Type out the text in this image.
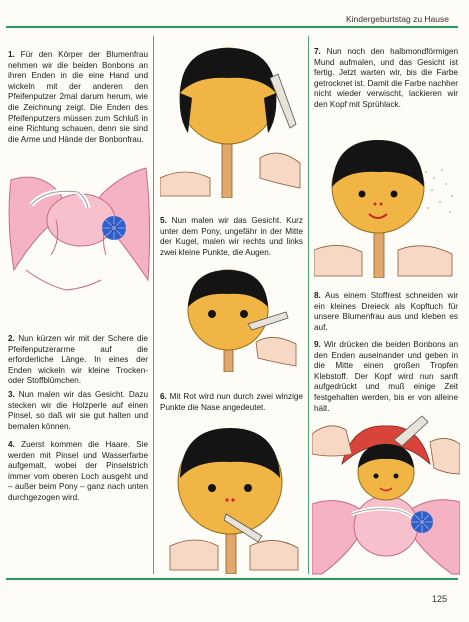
Kindergeburtstag zu Hause
1. Für den Körper der Blumenfrau nehmen wir die beiden Bonbons an ihren Enden in die eine Hand und wickeln mit der anderen den Pfeifenputzer 2mal darum herum, wie die Zeichnung zeigt. Die Enden des Pfeifenputzers müssen zum Schluß in eine Richtung schauen, denn sie sind die Arme und Hände der Bonbonfrau.
2. Nun kürzen wir mit der Schere die Pfeifenputzerarme auf die erforderliche Länge. In eines der Enden wickeln wir kleine Trocken- oder Stoffblümchen.
3. Nun malen wir das Gesicht. Dazu stecken wir die Holzperle auf einen Pinsel, so daß wir sie gut halten und bemalen können.
4. Zuerst kommen die Haare. Sie werden mit Pinsel und Wasserfarbe aufgemalt, wobei der Pinselstrich immer vom oberen Loch ausgeht und – außer beim Pony – ganz nach unten durchgezogen wird.
5. Nun malen wir das Gesicht. Kurz unter dem Pony, ungefähr in der Mitte der Kugel, malen wir rechts und links zwei kleine Punkte, die Augen.
6. Mit Rot wird nun durch zwei winzige Punkte die Nase angedeutet.
7. Nun noch den halbmondförmigen Mund aufmalen, und das Gesicht ist fertig. Jetzt warten wir, bis die Farbe getrocknet ist. Damit die Farbe nachher nicht wieder verwischt, lackieren wir den Kopf mit Sprühlack.
8. Aus einem Stoffrest schneiden wir ein kleines Dreieck als Kopftuch für unsere Blumenfrau aus und kleben es auf.
9. Wir drücken die beiden Bonbons an den Enden auseinander und geben in die Mitte einen großen Tropfen Klebstoff. Der Kopf wird nun sanft aufgedrückt und muß einige Zeit festgehalten werden, bis er von alleine hält.
125
